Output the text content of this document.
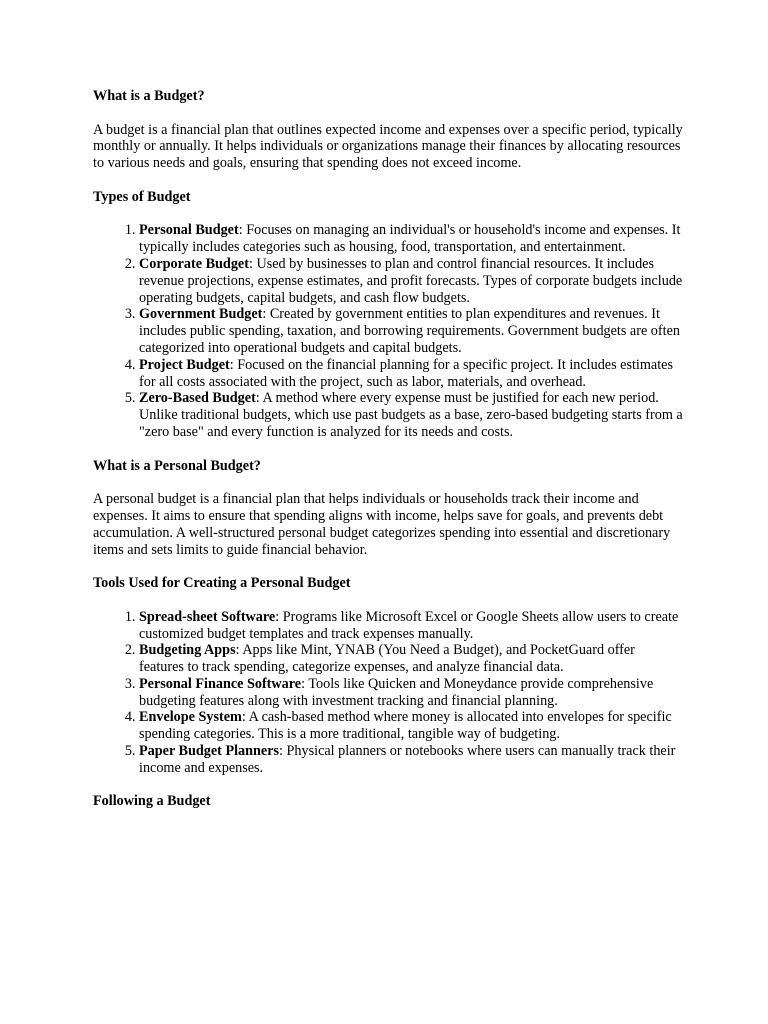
What is a Budget?

A budget is a financial plan that outlines expected income and expenses over a specific period, typically monthly or annually. It helps individuals or organizations manage their finances by allocating resources to various needs and goals, ensuring that spending does not exceed income.

Types of Budget
1. Personal Budget: Focuses on managing an individual's or household's income and expenses. It typically includes categories such as housing, food, transportation, and entertainment.
2. Corporate Budget: Used by businesses to plan and control financial resources. It includes revenue projections, expense estimates, and profit forecasts. Types of corporate budgets include operating budgets, capital budgets, and cash flow budgets.
3. Government Budget: Created by government entities to plan expenditures and revenues. It includes public spending, taxation, and borrowing requirements. Government budgets are often categorized into operational budgets and capital budgets.
4. Project Budget: Focused on the financial planning for a specific project. It includes estimates for all costs associated with the project, such as labor, materials, and overhead.
5. Zero-Based Budget: A method where every expense must be justified for each new period. Unlike traditional budgets, which use past budgets as a base, zero-based budgeting starts from a "zero base" and every function is analyzed for its needs and costs.
What is a Personal Budget?

A personal budget is a financial plan that helps individuals or households track their income and expenses. It aims to ensure that spending aligns with income, helps save for goals, and prevents debt accumulation. A well-structured personal budget categorizes spending into essential and discretionary items and sets limits to guide financial behavior.

Tools Used for Creating a Personal Budget
1. Spread-sheet Software: Programs like Microsoft Excel or Google Sheets allow users to create customized budget templates and track expenses manually.
2. Budgeting Apps: Apps like Mint, YNAB (You Need a Budget), and PocketGuard offer features to track spending, categorize expenses, and analyze financial data.
3. Personal Finance Software: Tools like Quicken and Moneydance provide comprehensive budgeting features along with investment tracking and financial planning.
4. Envelope System: A cash-based method where money is allocated into envelopes for specific spending categories. This is a more traditional, tangible way of budgeting.
5. Paper Budget Planners: Physical planners or notebooks where users can manually track their income and expenses.
Following a Budget
